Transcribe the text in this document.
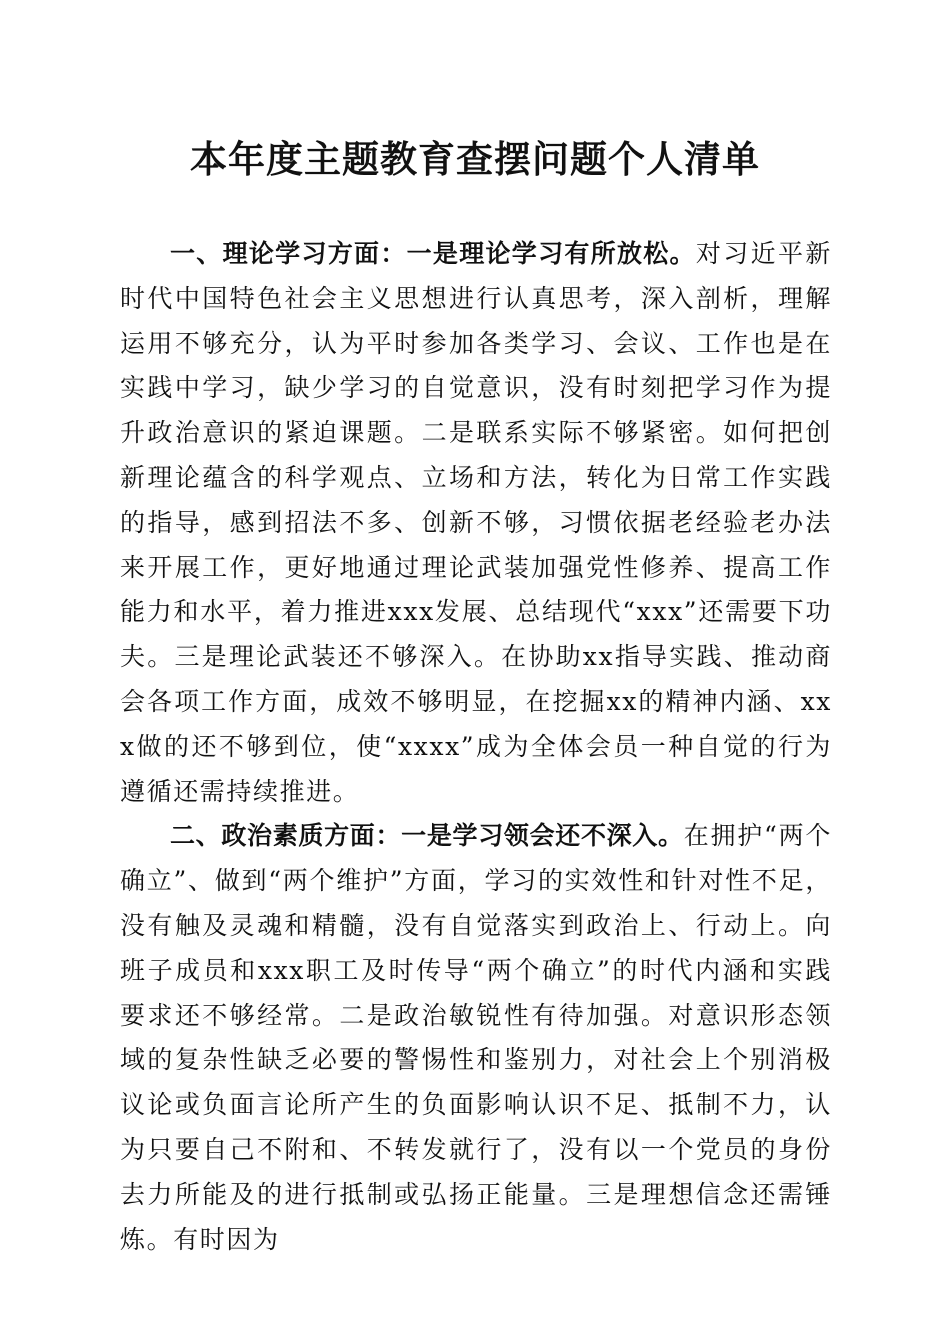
本年度主题教育查摆问题个人清单

一、理论学习方面：一是理论学习有所放松。对习近平新时代中国特色社会主义思想进行认真思考，深入剖析，理解运用不够充分，认为平时参加各类学习、会议、工作也是在实践中学习，缺少学习的自觉意识，没有时刻把学习作为提升政治意识的紧迫课题。二是联系实际不够紧密。如何把创新理论蕴含的科学观点、立场和方法，转化为日常工作实践的指导，感到招法不多、创新不够，习惯依据老经验老办法来开展工作，更好地通过理论武装加强党性修养、提高工作能力和水平，着力推进xxx发展、总结现代“xxx”还需要下功夫。三是理论武装还不够深入。在协助xx指导实践、推动商会各项工作方面，成效不够明显，在挖掘xx的精神内涵、xxx做的还不够到位，使“xxxx”成为全体会员一种自觉的行为遵循还需持续推进。

二、政治素质方面：一是学习领会还不深入。在拥护“两个确立”、做到“两个维护”方面，学习的实效性和针对性不足，没有触及灵魂和精髓，没有自觉落实到政治上、行动上。向班子成员和xxx职工及时传导“两个确立”的时代内涵和实践要求还不够经常。二是政治敏锐性有待加强。对意识形态领域的复杂性缺乏必要的警惕性和鉴别力，对社会上个别消极议论或负面言论所产生的负面影响认识不足、抵制不力，认为只要自己不附和、不转发就行了，没有以一个党员的身份去力所能及的进行抵制或弘扬正能量。三是理想信念还需锤炼。有时因为
